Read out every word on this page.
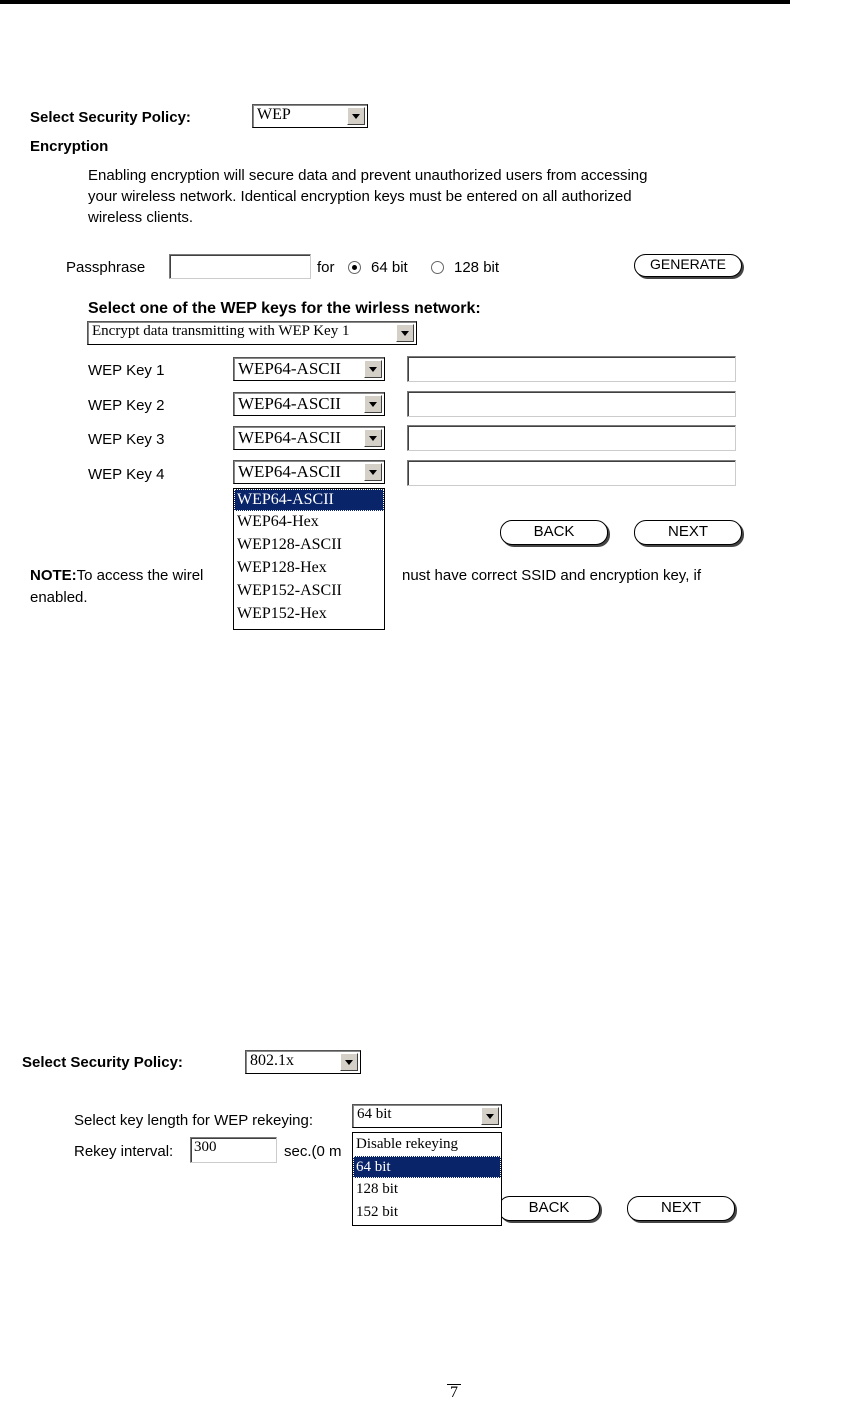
Select Security Policy:	WEP
Encryption
Enabling encryption will secure data and prevent unauthorized users from accessing
your wireless network. Identical encryption keys must be entered on all authorized
wireless clients.
Passphrase	for 64 bit	128 bit	GENERATE
Select one of the WEP keys for the wirless network:
Encrypt data transmitting with WEP Key 1
WEP Key 1	WEP64-ASCII
WEP Key 2	WEP64-ASCII
WEP Key 3	WEP64-ASCII
WEP Key 4	WEP64-ASCII
BACK	NEXT
NOTE:To access the wirel	nust have correct SSID and encryption key, if
enabled.
WEP64-ASCII
WEP64-Hex
WEP128-ASCII
WEP128-Hex
WEP152-ASCII
WEP152-Hex
Select Security Policy:	802.1x
Select key length for WEP rekeying:	64 bit
Rekey interval: 300	sec.(0 m
BACK	NEXT
Disable rekeying
64 bit
128 bit
152 bit
7
